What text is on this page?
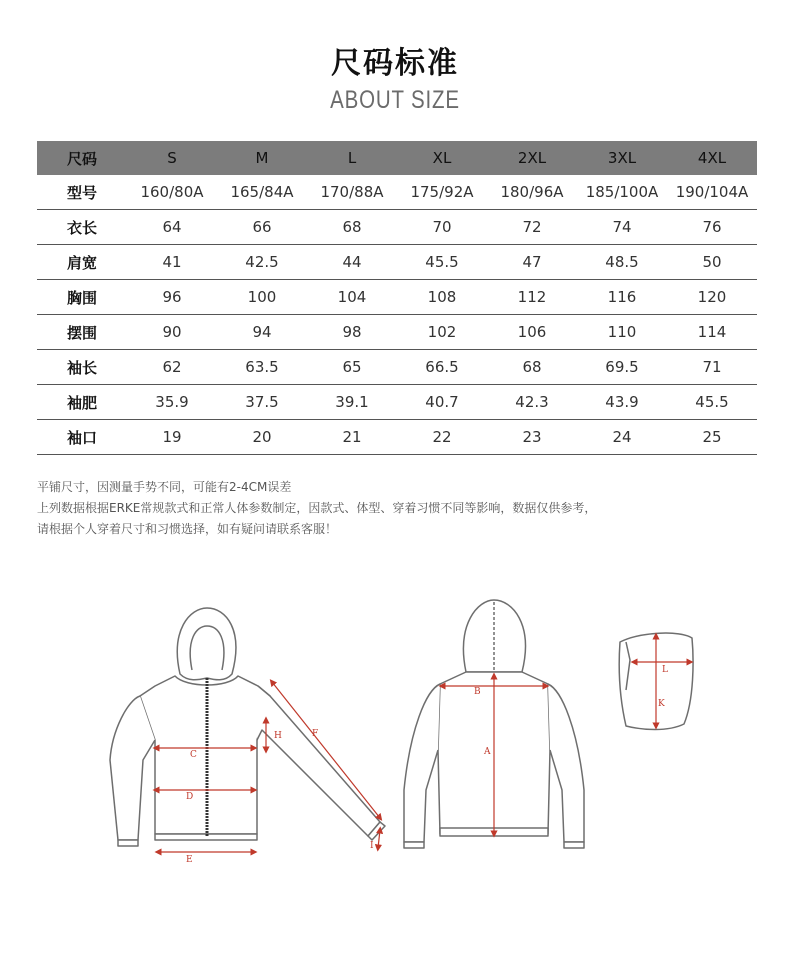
尺码标准
ABOUT SIZE
尺码	S	M	L	XL	2XL	3XL	4XL
型号	160/80A	165/84A	170/88A	175/92A	180/96A	185/100A	190/104A
衣长	64	66	68	70	72	74	76
肩宽	41	42.5	44	45.5	47	48.5	50
胸围	96	100	104	108	112	116	120
摆围	90	94	98	102	106	110	114
袖长	62	63.5	65	66.5	68	69.5	71
袖肥	35.9	37.5	39.1	40.7	42.3	43.9	45.5
袖口	19	20	21	22	23	24	25
平铺尺寸，因测量手势不同，可能有2-4CM误差
上列数据根据ERKE常规款式和正常人体参数制定，因款式、体型、穿着习惯不同等影响，数据仅供参考，
请根据个人穿着尺寸和习惯选择，如有疑问请联系客服！
C
D
E
F
H
I
B
A
L
K
